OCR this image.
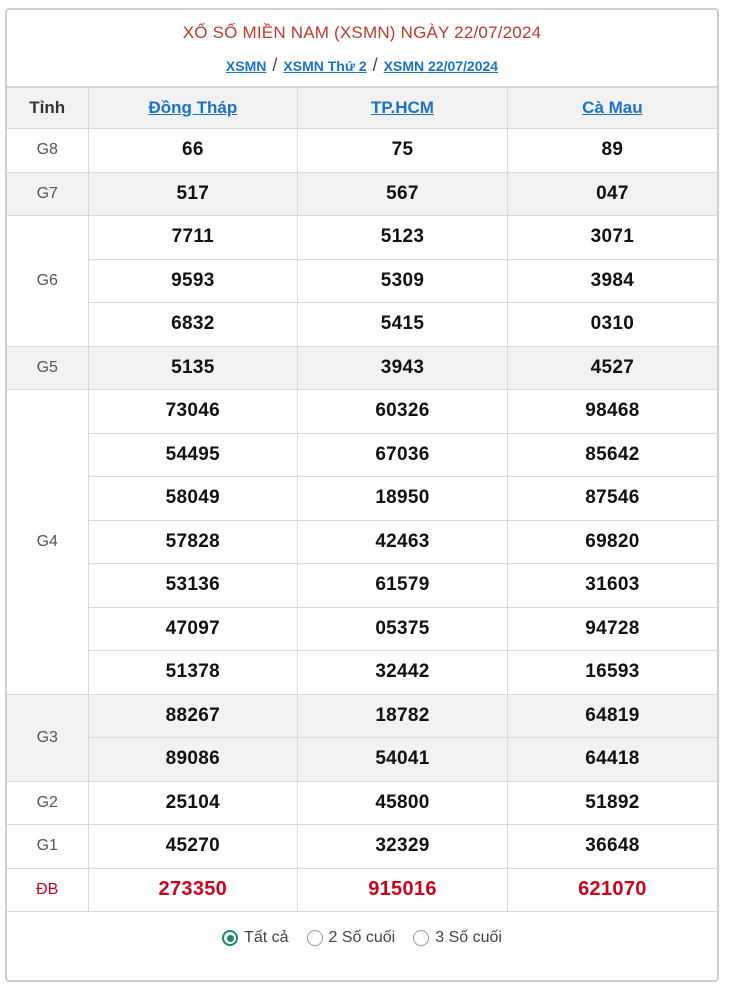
XỔ SỐ MIỀN NAM (XSMN) NGÀY 22/07/2024
XSMN / XSMN Thứ 2 / XSMN 22/07/2024
Tỉnh	Đồng Tháp	TP.HCM	Cà Mau
G8	66	75	89
G7	517	567	047
G6	7711	5123	3071
	9593	5309	3984
	6832	5415	0310
G5	5135	3943	4527
G4	73046	60326	98468
	54495	67036	85642
	58049	18950	87546
	57828	42463	69820
	53136	61579	31603
	47097	05375	94728
	51378	32442	16593
G3	88267	18782	64819
	89086	54041	64418
G2	25104	45800	51892
G1	45270	32329	36648
ĐB	273350	915016	621070
Tất cả	2 Số cuối	3 Số cuối
